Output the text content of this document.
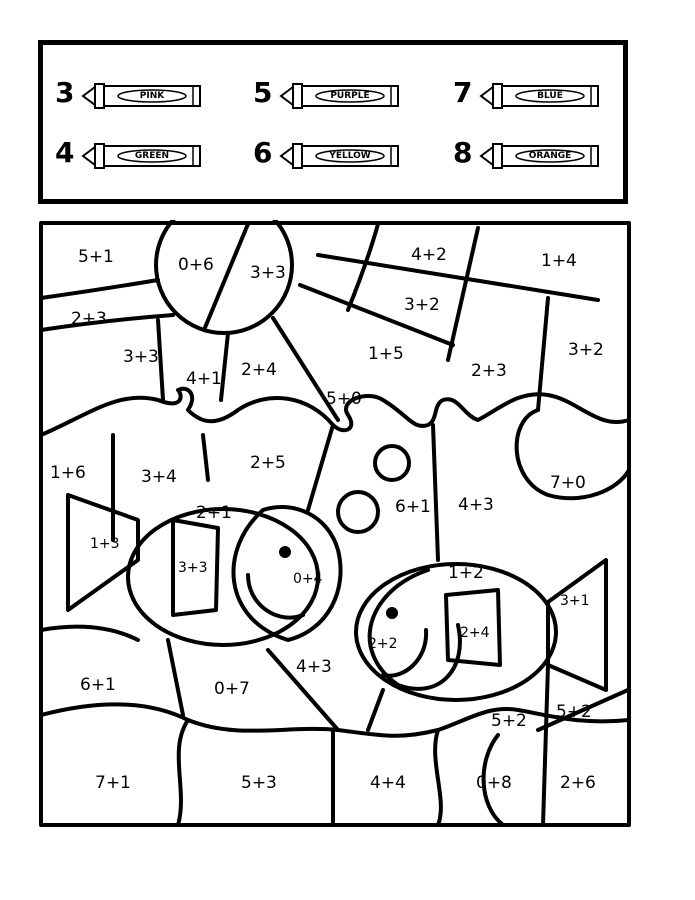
3	PINK	5	PURPLE	7	BLUE
4	GREEN	6	YELLOW	8	ORANGE
5+1	0+6 3+3
4+2	1+4
2+3
3+2
3+3
4+1 2+4
1+5
2+3
3+2
5+0
1+6	3+4
2+5
7+0
2+1	6+1 4+3
1+3
3+3
0+4	1+2
3+1
2+4
2+2
6+1	0+7
4+3
5+2 5+2
7+1	5+3	4+4	0+8	2+6
